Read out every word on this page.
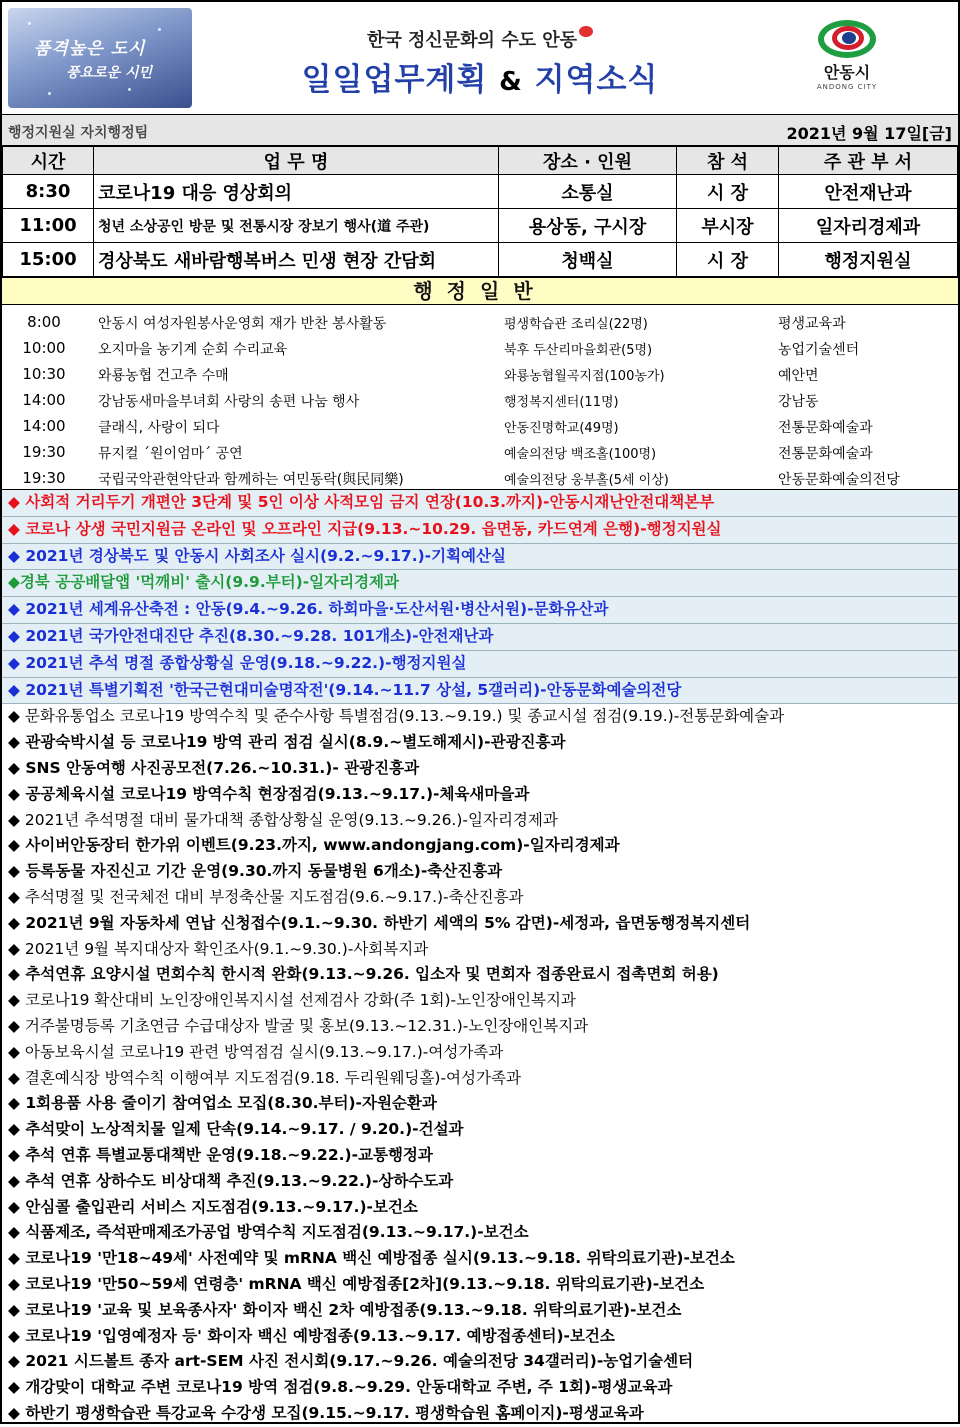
품격높은 도시
풍요로운 시민
한국 정신문화의 수도 안동
일일업무계획 & 지역소식	안동시
ANDONG CITY
행정지원실 자치행정팀	2021년 9월 17일[금]
시간	업 무 명	장소 · 인원	참 석	주 관 부 서
8:30	코로나19 대응 영상회의	소통실	시 장	안전재난과
11:00	청년 소상공인 방문 및 전통시장 장보기 행사(道 주관)	용상동, 구시장	부시장	일자리경제과
15:00	경상북도 새바람행복버스 민생 현장 간담회	청백실	시 장	행정지원실
행정일반
8:00	안동시 여성자원봉사운영회 재가 반찬 봉사활동	평생학습관 조리실(22명)	평생교육과
10:00	오지마을 농기계 순회 수리교육	북후 두산리마을회관(5명)	농업기술센터
10:30	와룡농협 건고추 수매	와룡농협월곡지점(100농가)	예안면
14:00	강남동새마을부녀회 사랑의 송편 나눔 행사	행정복지센터(11명)	강남동
14:00	클래식, 사랑이 되다	안동진명학교(49명)	전통문화예술과
19:30	뮤지컬 ´원이엄마´ 공연	예술의전당 백조홀(100명)	전통문화예술과
19:30	국립국악관현악단과 함께하는 여민동락(與民同樂)	예술의전당 웅부홀(5세 이상)	안동문화예술의전당
◆ 사회적 거리두기 개편안 3단계 및 5인 이상 사적모임 금지 연장(10.3.까지)-안동시재난안전대책본부
◆ 코로나 상생 국민지원금 온라인 및 오프라인 지급(9.13.~10.29. 읍면동, 카드연계 은행)-행정지원실
◆ 2021년 경상북도 및 안동시 사회조사 실시(9.2.~9.17.)-기획예산실
◆경북 공공배달앱 '먹깨비' 출시(9.9.부터)-일자리경제과
◆ 2021년 세계유산축전 : 안동(9.4.~9.26. 하회마을·도산서원·병산서원)-문화유산과
◆ 2021년 국가안전대진단 추진(8.30.~9.28. 101개소)-안전재난과
◆ 2021년 추석 명절 종합상황실 운영(9.18.~9.22.)-행정지원실
◆ 2021년 특별기획전 '한국근현대미술명작전'(9.14.~11.7 상설, 5갤러리)-안동문화예술의전당
◆ 문화유통업소 코로나19 방역수칙 및 준수사항 특별점검(9.13.~9.19.) 및 종교시설 점검(9.19.)-전통문화예술과
◆ 관광숙박시설 등 코로나19 방역 관리 점검 실시(8.9.~별도해제시)-관광진흥과
◆ SNS 안동여행 사진공모전(7.26.~10.31.)- 관광진흥과
◆ 공공체육시설 코로나19 방역수칙 현장점검(9.13.~9.17.)-체육새마을과
◆ 2021년 추석명절 대비 물가대책 종합상황실 운영(9.13.~9.26.)-일자리경제과
◆ 사이버안동장터 한가위 이벤트(9.23.까지, www.andongjang.com)-일자리경제과
◆ 등록동물 자진신고 기간 운영(9.30.까지 동물병원 6개소)-축산진흥과
◆ 추석명절 및 전국체전 대비 부정축산물 지도점검(9.6.~9.17.)-축산진흥과
◆ 2021년 9월 자동차세 연납 신청접수(9.1.~9.30. 하반기 세액의 5% 감면)-세정과, 읍면동행정복지센터
◆ 2021년 9월 복지대상자 확인조사(9.1.~9.30.)-사회복지과
◆ 추석연휴 요양시설 면회수칙 한시적 완화(9.13.~9.26. 입소자 및 면회자 접종완료시 접촉면회 허용)
◆ 코로나19 확산대비 노인장애인복지시설 선제검사 강화(주 1회)-노인장애인복지과
◆ 거주불명등록 기초연금 수급대상자 발굴 및 홍보(9.13.~12.31.)-노인장애인복지과
◆ 아동보육시설 코로나19 관련 방역점검 실시(9.13.~9.17.)-여성가족과
◆ 결혼예식장 방역수칙 이행여부 지도점검(9.18. 두리원웨딩홀)-여성가족과
◆ 1회용품 사용 줄이기 참여업소 모집(8.30.부터)-자원순환과
◆ 추석맞이 노상적치물 일제 단속(9.14.~9.17. / 9.20.)-건설과
◆ 추석 연휴 특별교통대책반 운영(9.18.~9.22.)-교통행정과
◆ 추석 연휴 상하수도 비상대책 추진(9.13.~9.22.)-상하수도과
◆ 안심콜 출입관리 서비스 지도점검(9.13.~9.17.)-보건소
◆ 식품제조, 즉석판매제조가공업 방역수칙 지도점검(9.13.~9.17.)-보건소
◆ 코로나19 '만18~49세' 사전예약 및 mRNA 백신 예방접종 실시(9.13.~9.18. 위탁의료기관)-보건소
◆ 코로나19 '만50~59세 연령층' mRNA 백신 예방접종[2차](9.13.~9.18. 위탁의료기관)-보건소
◆ 코로나19 '교육 및 보육종사자' 화이자 백신 2차 예방접종(9.13.~9.18. 위탁의료기관)-보건소
◆ 코로나19 '입영예정자 등' 화이자 백신 예방접종(9.13.~9.17. 예방접종센터)-보건소
◆ 2021 시드볼트 종자 art-SEM 사진 전시회(9.17.~9.26. 예술의전당 34갤러리)-농업기술센터
◆ 개강맞이 대학교 주변 코로나19 방역 점검(9.8.~9.29. 안동대학교 주변, 주 1회)-평생교육과
◆ 하반기 평생학습관 특강교육 수강생 모집(9.15.~9.17. 평생학습원 홈페이지)-평생교육과
